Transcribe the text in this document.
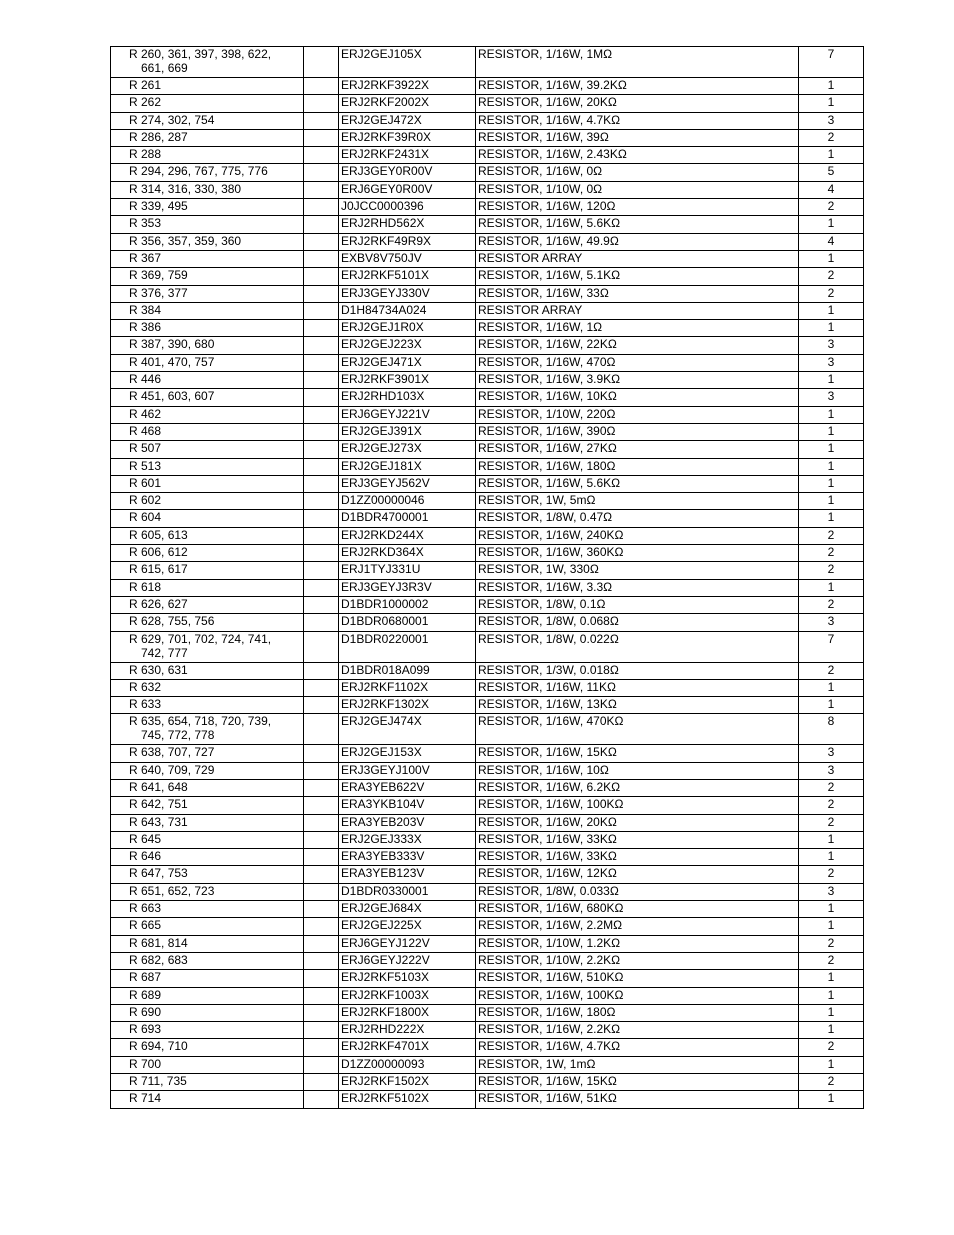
R 260, 361, 397, 398, 622,
661, 669		ERJ2GEJ105X	RESISTOR, 1/16W, 1MΩ	7
R 261		ERJ2RKF3922X	RESISTOR, 1/16W, 39.2KΩ	1
R 262		ERJ2RKF2002X	RESISTOR, 1/16W, 20KΩ	1
R 274, 302, 754		ERJ2GEJ472X	RESISTOR, 1/16W, 4.7KΩ	3
R 286, 287		ERJ2RKF39R0X	RESISTOR, 1/16W, 39Ω	2
R 288		ERJ2RKF2431X	RESISTOR, 1/16W, 2.43KΩ	1
R 294, 296, 767, 775, 776		ERJ3GEY0R00V	RESISTOR, 1/16W, 0Ω	5
R 314, 316, 330, 380		ERJ6GEY0R00V	RESISTOR, 1/10W, 0Ω	4
R 339, 495		J0JCC0000396	RESISTOR, 1/16W, 120Ω	2
R 353		ERJ2RHD562X	RESISTOR, 1/16W, 5.6KΩ	1
R 356, 357, 359, 360		ERJ2RKF49R9X	RESISTOR, 1/16W, 49.9Ω	4
R 367		EXBV8V750JV	RESISTOR ARRAY	1
R 369, 759		ERJ2RKF5101X	RESISTOR, 1/16W, 5.1KΩ	2
R 376, 377		ERJ3GEYJ330V	RESISTOR, 1/16W, 33Ω	2
R 384		D1H84734A024	RESISTOR ARRAY	1
R 386		ERJ2GEJ1R0X	RESISTOR, 1/16W, 1Ω	1
R 387, 390, 680		ERJ2GEJ223X	RESISTOR, 1/16W, 22KΩ	3
R 401, 470, 757		ERJ2GEJ471X	RESISTOR, 1/16W, 470Ω	3
R 446		ERJ2RKF3901X	RESISTOR, 1/16W, 3.9KΩ	1
R 451, 603, 607		ERJ2RHD103X	RESISTOR, 1/16W, 10KΩ	3
R 462		ERJ6GEYJ221V	RESISTOR, 1/10W, 220Ω	1
R 468		ERJ2GEJ391X	RESISTOR, 1/16W, 390Ω	1
R 507		ERJ2GEJ273X	RESISTOR, 1/16W, 27KΩ	1
R 513		ERJ2GEJ181X	RESISTOR, 1/16W, 180Ω	1
R 601		ERJ3GEYJ562V	RESISTOR, 1/16W, 5.6KΩ	1
R 602		D1ZZ00000046	RESISTOR, 1W, 5mΩ	1
R 604		D1BDR4700001	RESISTOR, 1/8W, 0.47Ω	1
R 605, 613		ERJ2RKD244X	RESISTOR, 1/16W, 240KΩ	2
R 606, 612		ERJ2RKD364X	RESISTOR, 1/16W, 360KΩ	2
R 615, 617		ERJ1TYJ331U	RESISTOR, 1W, 330Ω	2
R 618		ERJ3GEYJ3R3V	RESISTOR, 1/16W, 3.3Ω	1
R 626, 627		D1BDR1000002	RESISTOR, 1/8W, 0.1Ω	2
R 628, 755, 756		D1BDR0680001	RESISTOR, 1/8W, 0.068Ω	3
R 629, 701, 702, 724, 741,
742, 777		D1BDR0220001	RESISTOR, 1/8W, 0.022Ω	7
R 630, 631		D1BDR018A099	RESISTOR, 1/3W, 0.018Ω	2
R 632		ERJ2RKF1102X	RESISTOR, 1/16W, 11KΩ	1
R 633		ERJ2RKF1302X	RESISTOR, 1/16W, 13KΩ	1
R 635, 654, 718, 720, 739,
745, 772, 778		ERJ2GEJ474X	RESISTOR, 1/16W, 470KΩ	8
R 638, 707, 727		ERJ2GEJ153X	RESISTOR, 1/16W, 15KΩ	3
R 640, 709, 729		ERJ3GEYJ100V	RESISTOR, 1/16W, 10Ω	3
R 641, 648		ERA3YEB622V	RESISTOR, 1/16W, 6.2KΩ	2
R 642, 751		ERA3YKB104V	RESISTOR, 1/16W, 100KΩ	2
R 643, 731		ERA3YEB203V	RESISTOR, 1/16W, 20KΩ	2
R 645		ERJ2GEJ333X	RESISTOR, 1/16W, 33KΩ	1
R 646		ERA3YEB333V	RESISTOR, 1/16W, 33KΩ	1
R 647, 753		ERA3YEB123V	RESISTOR, 1/16W, 12KΩ	2
R 651, 652, 723		D1BDR0330001	RESISTOR, 1/8W, 0.033Ω	3
R 663		ERJ2GEJ684X	RESISTOR, 1/16W, 680KΩ	1
R 665		ERJ2GEJ225X	RESISTOR, 1/16W, 2.2MΩ	1
R 681, 814		ERJ6GEYJ122V	RESISTOR, 1/10W, 1.2KΩ	2
R 682, 683		ERJ6GEYJ222V	RESISTOR, 1/10W, 2.2KΩ	2
R 687		ERJ2RKF5103X	RESISTOR, 1/16W, 510KΩ	1
R 689		ERJ2RKF1003X	RESISTOR, 1/16W, 100KΩ	1
R 690		ERJ2RKF1800X	RESISTOR, 1/16W, 180Ω	1
R 693		ERJ2RHD222X	RESISTOR, 1/16W, 2.2KΩ	1
R 694, 710		ERJ2RKF4701X	RESISTOR, 1/16W, 4.7KΩ	2
R 700		D1ZZ00000093	RESISTOR, 1W, 1mΩ	1
R 711, 735		ERJ2RKF1502X	RESISTOR, 1/16W, 15KΩ	2
R 714		ERJ2RKF5102X	RESISTOR, 1/16W, 51KΩ	1
